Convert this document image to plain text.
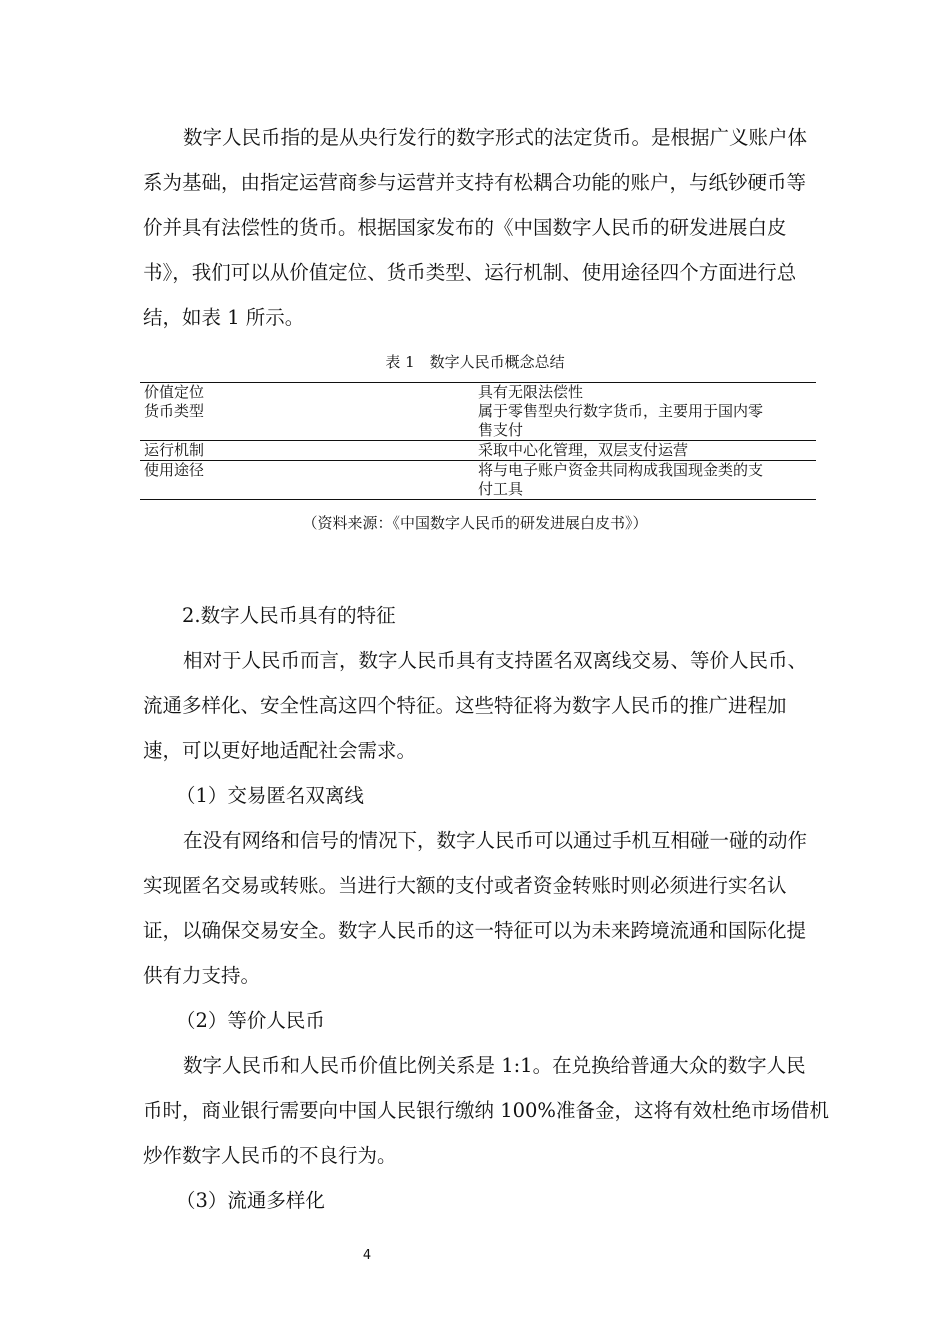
数字人民币指的是从央行发行的数字形式的法定货币。是根据广义账户体
系为基础，由指定运营商参与运营并支持有松耦合功能的账户，与纸钞硬币等
价并具有法偿性的货币。根据国家发布的《中国数字人民币的研发进展白皮
书》，我们可以从价值定位、货币类型、运行机制、使用途径四个方面进行总
结，如表 1 所示。
表 1　数字人民币概念总结
价值定位	具有无限法偿性

货币类型	属于零售型央行数字货币，主要用于国内零
售支付

运行机制	采取中心化管理，双层支付运营

使用途径	将与电子账户资金共同构成我国现金类的支
付工具
（资料来源：《中国数字人民币的研发进展白皮书》）
2.数字人民币具有的特征
相对于人民币而言，数字人民币具有支持匿名双离线交易、等价人民币、
流通多样化、安全性高这四个特征。这些特征将为数字人民币的推广进程加
速，可以更好地适配社会需求。
（1）交易匿名双离线
在没有网络和信号的情况下，数字人民币可以通过手机互相碰一碰的动作
实现匿名交易或转账。当进行大额的支付或者资金转账时则必须进行实名认
证，以确保交易安全。数字人民币的这一特征可以为未来跨境流通和国际化提
供有力支持。
（2）等价人民币
数字人民币和人民币价值比例关系是 1:1。在兑换给普通大众的数字人民
币时，商业银行需要向中国人民银行缴纳 100%准备金，这将有效杜绝市场借机
炒作数字人民币的不良行为。
（3）流通多样化
4
